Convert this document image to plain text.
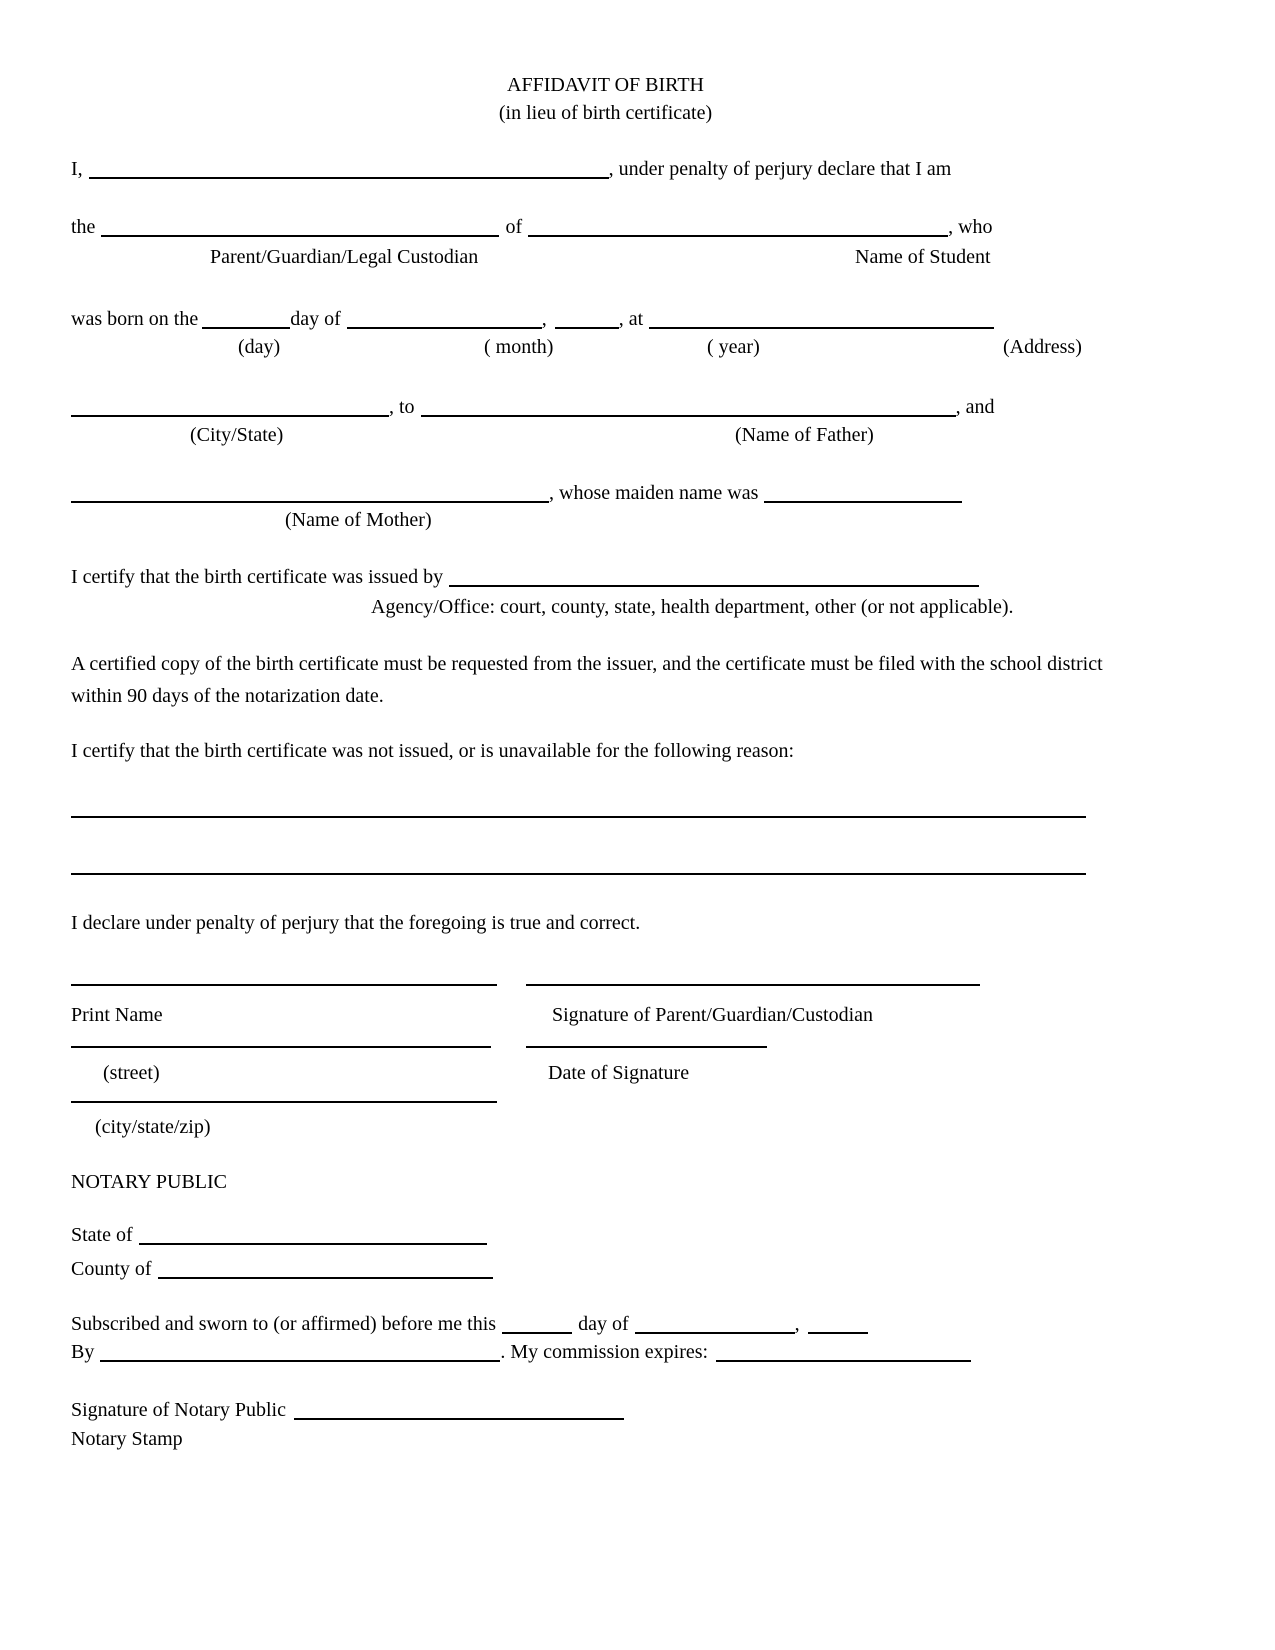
AFFIDAVIT OF BIRTH
(in lieu of birth certificate)
I,	, under penalty of perjury declare that I am
the	of	, who
Parent/Guardian/Legal Custodian	Name of Student
was born on the	day of	,	, at
(day)	( month)	( year)	(Address)
, to	, and
(City/State)	(Name of Father)
, whose maiden name was
(Name of Mother)
I certify that the birth certificate was issued by
Agency/Office: court, county, state, health department, other (or not applicable).
A certified copy of the birth certificate must be requested from the issuer, and the certificate must be filed with the school district within 90 days of the notarization date.
I certify that the birth certificate was not issued, or is unavailable for the following reason:
I declare under penalty of perjury that the foregoing is true and correct.
Print Name	Signature of Parent/Guardian/Custodian
(street)	Date of Signature
(city/state/zip)
NOTARY PUBLIC
State of
County of
Subscribed and sworn to (or affirmed) before me this	day of	,
By	. My commission expires:
Signature of Notary Public
Notary Stamp
